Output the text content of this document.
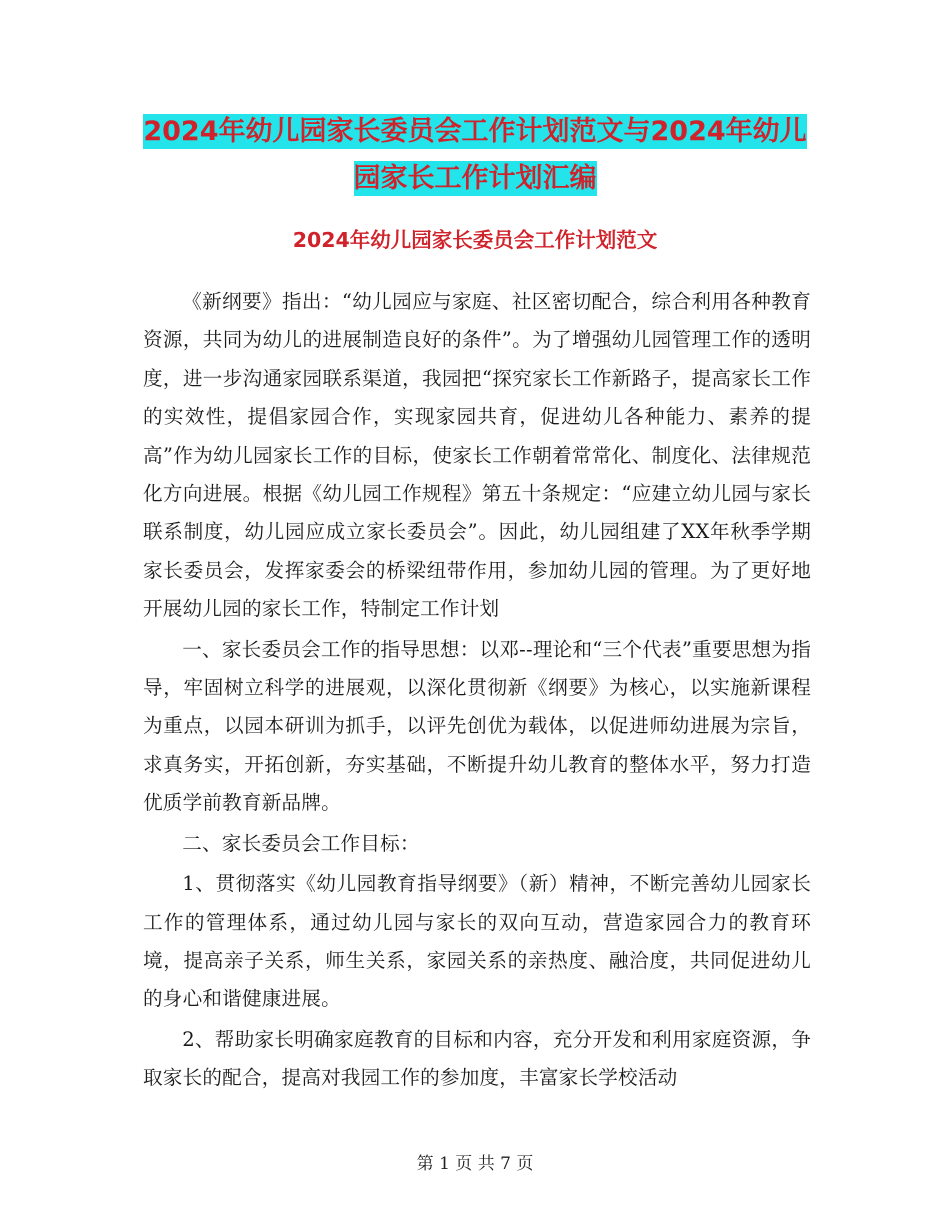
2024年幼儿园家长委员会工作计划范文与2024年幼儿
园家长工作计划汇编
2024年幼儿园家长委员会工作计划范文

《新纲要》指出：“幼儿园应与家庭、社区密切配合，综合利用各种教育资源，共同为幼儿的进展制造良好的条件”。为了增强幼儿园管理工作的透明度，进一步沟通家园联系渠道，我园把“探究家长工作新路子，提高家长工作的实效性，提倡家园合作，实现家园共育，促进幼儿各种能力、素养的提高”作为幼儿园家长工作的目标，使家长工作朝着常常化、制度化、法律规范化方向进展。根据《幼儿园工作规程》第五十条规定：“应建立幼儿园与家长联系制度，幼儿园应成立家长委员会”。因此，幼儿园组建了XX年秋季学期家长委员会，发挥家委会的桥梁纽带作用，参加幼儿园的管理。为了更好地开展幼儿园的家长工作，特制定工作计划

一、家长委员会工作的指导思想：以邓--理论和“三个代表”重要思想为指导，牢固树立科学的进展观，以深化贯彻新《纲要》为核心，以实施新课程为重点，以园本研训为抓手，以评先创优为载体，以促进师幼进展为宗旨，求真务实，开拓创新，夯实基础，不断提升幼儿教育的整体水平，努力打造优质学前教育新品牌。

二、家长委员会工作目标：

1、贯彻落实《幼儿园教育指导纲要》（新）精神，不断完善幼儿园家长工作的管理体系，通过幼儿园与家长的双向互动，营造家园合力的教育环境，提高亲子关系，师生关系，家园关系的亲热度、融洽度，共同促进幼儿的身心和谐健康进展。

2、帮助家长明确家庭教育的目标和内容，充分开发和利用家庭资源，争取家长的配合，提高对我园工作的参加度，丰富家长学校活动

第 1 页 共 7 页
